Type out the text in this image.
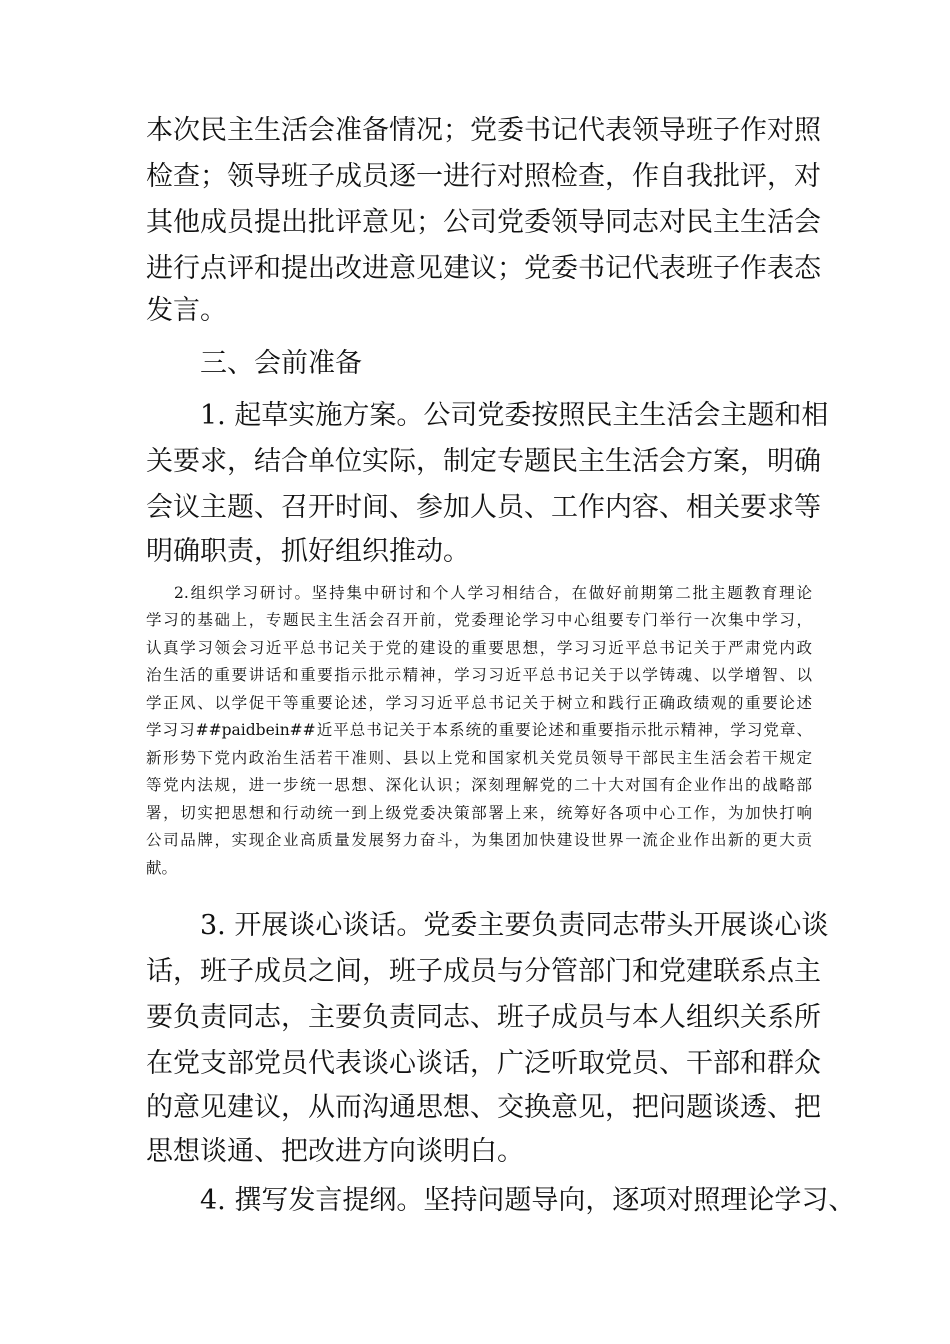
本次民主生活会准备情况；党委书记代表领导班子作对照
检查；领导班子成员逐一进行对照检查，作自我批评，对
其他成员提出批评意见；公司党委领导同志对民主生活会
进行点评和提出改进意见建议；党委书记代表班子作表态
发言。
三、会前准备
1. 起草实施方案。公司党委按照民主生活会主题和相
关要求，结合单位实际，制定专题民主生活会方案，明确
会议主题、召开时间、参加人员、工作内容、相关要求等
明确职责，抓好组织推动。
2.组织学习研讨。坚持集中研讨和个人学习相结合，在做好前期第二批主题教育理论
学习的基础上，专题民主生活会召开前，党委理论学习中心组要专门举行一次集中学习，
认真学习领会习近平总书记关于党的建设的重要思想，学习习近平总书记关于严肃党内政
治生活的重要讲话和重要指示批示精神，学习习近平总书记关于以学铸魂、以学增智、以
学正风、以学促干等重要论述，学习习近平总书记关于树立和践行正确政绩观的重要论述
学习习##paidbein##近平总书记关于本系统的重要论述和重要指示批示精神，学习党章、
新形势下党内政治生活若干准则、县以上党和国家机关党员领导干部民主生活会若干规定
等党内法规，进一步统一思想、深化认识；深刻理解党的二十大对国有企业作出的战略部
署，切实把思想和行动统一到上级党委决策部署上来，统筹好各项中心工作，为加快打响
公司品牌，实现企业高质量发展努力奋斗，为集团加快建设世界一流企业作出新的更大贡
献。
3. 开展谈心谈话。党委主要负责同志带头开展谈心谈
话，班子成员之间，班子成员与分管部门和党建联系点主
要负责同志，主要负责同志、班子成员与本人组织关系所
在党支部党员代表谈心谈话，广泛听取党员、干部和群众
的意见建议，从而沟通思想、交换意见，把问题谈透、把
思想谈通、把改进方向谈明白。
4. 撰写发言提纲。坚持问题导向，逐项对照理论学习、
